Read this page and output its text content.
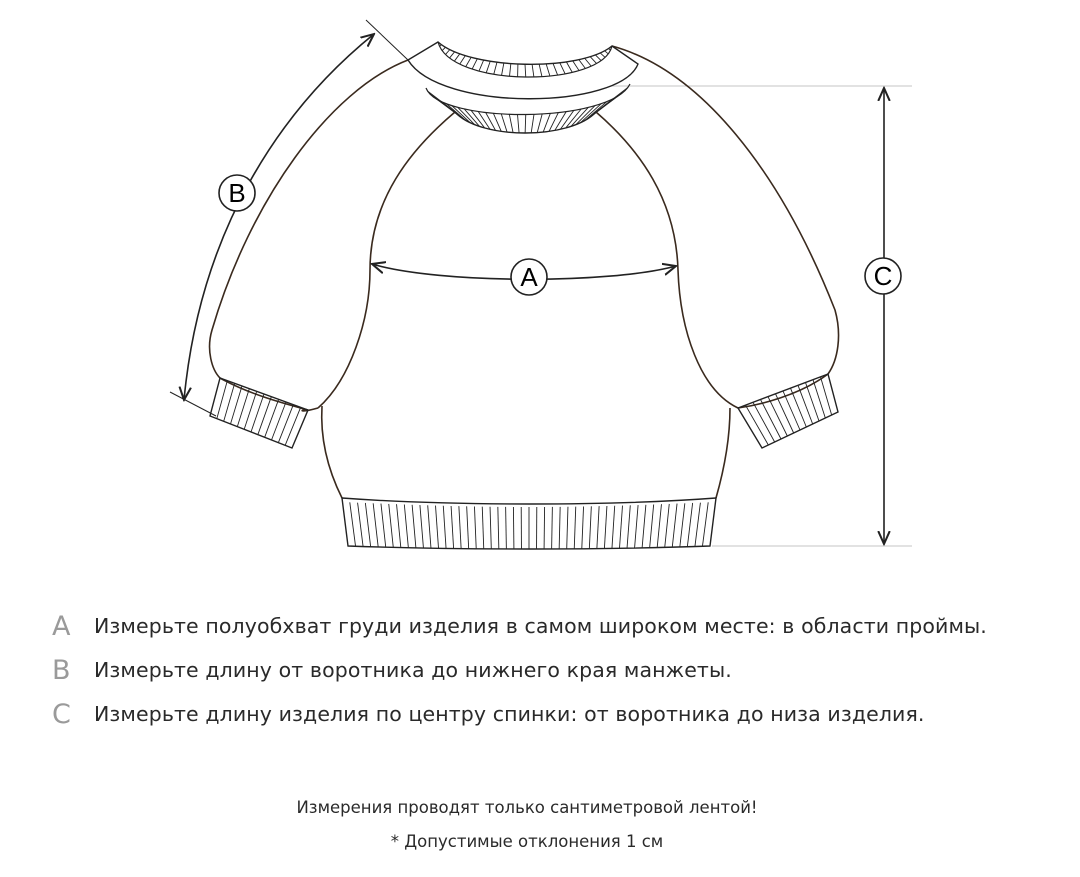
A
B
C
A	Измерьте полуобхват груди изделия в самом широком месте: в области проймы.
B	Измерьте длину от воротника до нижнего края манжеты.
C	Измерьте длину изделия по центру спинки: от воротника до низа изделия.
Измерения проводят только сантиметровой лентой!
* Допустимые отклонения 1 см
